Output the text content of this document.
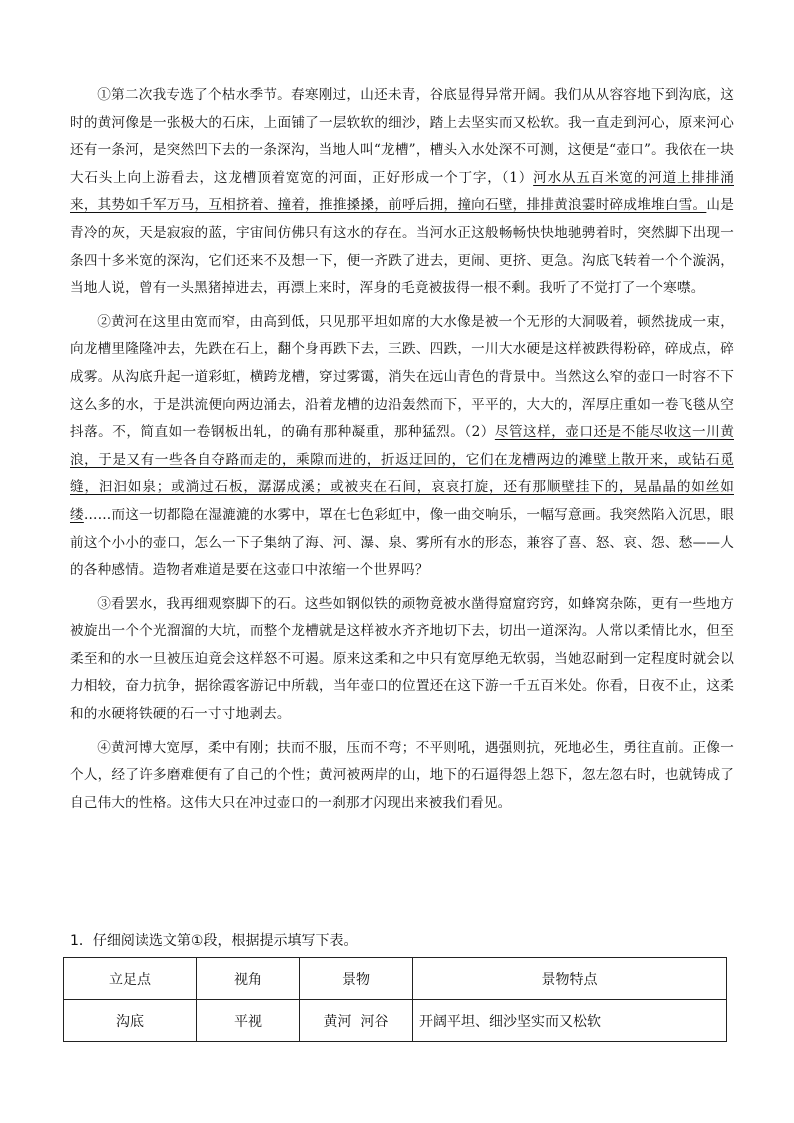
①第二次我专选了个枯水季节。春寒刚过，山还未青，谷底显得异常开阔。我们从从容容地下到沟底，这时的黄河像是一张极大的石床，上面铺了一层软软的细沙，踏上去坚实而又松软。我一直走到河心，原来河心还有一条河，是突然凹下去的一条深沟，当地人叫“龙槽”，槽头入水处深不可测，这便是“壶口”。我依在一块大石头上向上游看去，这龙槽顶着宽宽的河面，正好形成一个丁字，（1）河水从五百米宽的河道上排排涌来，其势如千军万马，互相挤着、撞着，推推搡搡，前呼后拥，撞向石壁，排排黄浪霎时碎成堆堆白雪。山是青冷的灰，天是寂寂的蓝，宇宙间仿佛只有这水的存在。当河水正这般畅畅快快地驰骋着时，突然脚下出现一条四十多米宽的深沟，它们还来不及想一下，便一齐跌了进去，更闹、更挤、更急。沟底飞转着一个个漩涡，当地人说，曾有一头黑猪掉进去，再漂上来时，浑身的毛竟被拔得一根不剩。我听了不觉打了一个寒噤。

②黄河在这里由宽而窄，由高到低，只见那平坦如席的大水像是被一个无形的大洞吸着，顿然拢成一束，向龙槽里隆隆冲去，先跌在石上，翻个身再跌下去，三跌、四跌，一川大水硬是这样被跌得粉碎，碎成点，碎成雾。从沟底升起一道彩虹，横跨龙槽，穿过雾霭，消失在远山青色的背景中。当然这么窄的壶口一时容不下这么多的水，于是洪流便向两边涌去，沿着龙槽的边沿轰然而下，平平的，大大的，浑厚庄重如一卷飞毯从空抖落。不，简直如一卷钢板出轧，的确有那种凝重，那种猛烈。（2）尽管这样，壶口还是不能尽收这一川黄浪，于是又有一些各自夺路而走的，乘隙而进的，折返迂回的，它们在龙槽两边的滩壁上散开来，或钻石觅缝，汩汩如泉；或淌过石板，潺潺成溪；或被夹在石间，哀哀打旋，还有那顺壁挂下的，晃晶晶的如丝如缕……而这一切都隐在湿漉漉的水雾中，罩在七色彩虹中，像一曲交响乐，一幅写意画。我突然陷入沉思，眼前这个小小的壶口，怎么一下子集纳了海、河、瀑、泉、雾所有水的形态，兼容了喜、怒、哀、怨、愁——人的各种感情。造物者难道是要在这壶口中浓缩一个世界吗？

③看罢水，我再细观察脚下的石。这些如钢似铁的顽物竟被水凿得窟窟窍窍，如蜂窝杂陈，更有一些地方被旋出一个个光溜溜的大坑，而整个龙槽就是这样被水齐齐地切下去，切出一道深沟。人常以柔情比水，但至柔至和的水一旦被压迫竟会这样怒不可遏。原来这柔和之中只有宽厚绝无软弱，当她忍耐到一定程度时就会以力相较，奋力抗争，据徐霞客游记中所载，当年壶口的位置还在这下游一千五百米处。你看，日夜不止，这柔和的水硬将铁硬的石一寸寸地剥去。

④黄河博大宽厚，柔中有刚；扶而不服，压而不弯；不平则吼，遇强则抗，死地必生，勇往直前。正像一个人，经了许多磨难便有了自己的个性；黄河被两岸的山，地下的石逼得怨上怨下，忽左忽右时，也就铸成了自己伟大的性格。这伟大只在冲过壶口的一刹那才闪现出来被我们看见。

1．仔细阅读选文第①段，根据提示填写下表。
立足点	视角	景物	景物特点
沟底	平视	黄河  河谷	开阔平坦、细沙坚实而又松软
